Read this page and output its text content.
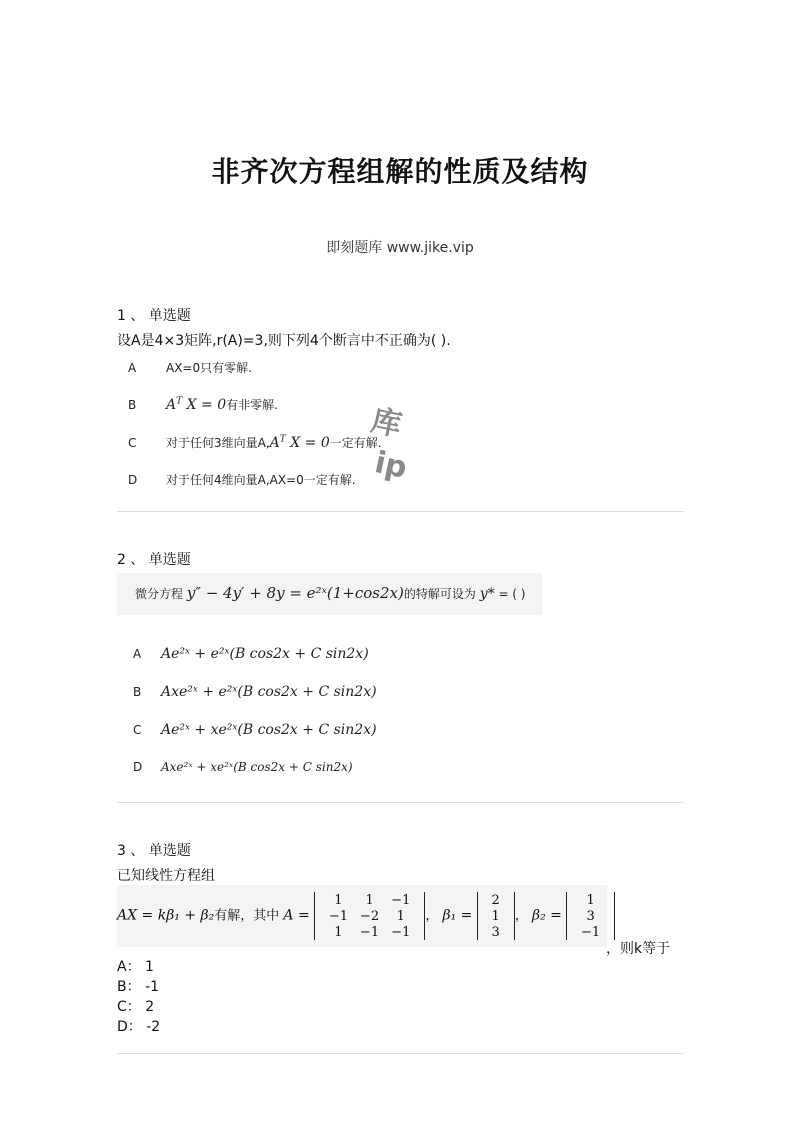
非齐次方程组解的性质及结构
即刻题库 www.jike.vip
1 、 单选题
设A是4×3矩阵,r(A)=3,则下列4个断言中不正确为( ).
A AX=0只有零解.
B $A^T$ X = 0有非零解.
C 对于任何3维向量$A,A^T$ X = 0一定有解.
D 对于任何4维向量A,AX=0一定有解.
库
ip
2 、 单选题
微分方程 y″ − 4y′ + 8y = e²ˣ(1+cos2x)的特解可设为 y* = ( )
A Ae²ˣ + e²ˣ(B cos2x + C sin2x)
B Axe²ˣ + e²ˣ(B cos2x + C sin2x)
C Ae²ˣ + xe²ˣ(B cos2x + C sin2x)
D Axe²ˣ + xe²ˣ(B cos2x + C sin2x)
3 、 单选题
已知线性方程组
AX = kβ₁ + β₂有解，其中 A =
1	1	−1
−1	−2	1
1	−1	−1
， β₁ =
2
1
3
， β₂ =
1
3
−1
，则k等于
A： 1
B： -1
C： 2
D： -2
